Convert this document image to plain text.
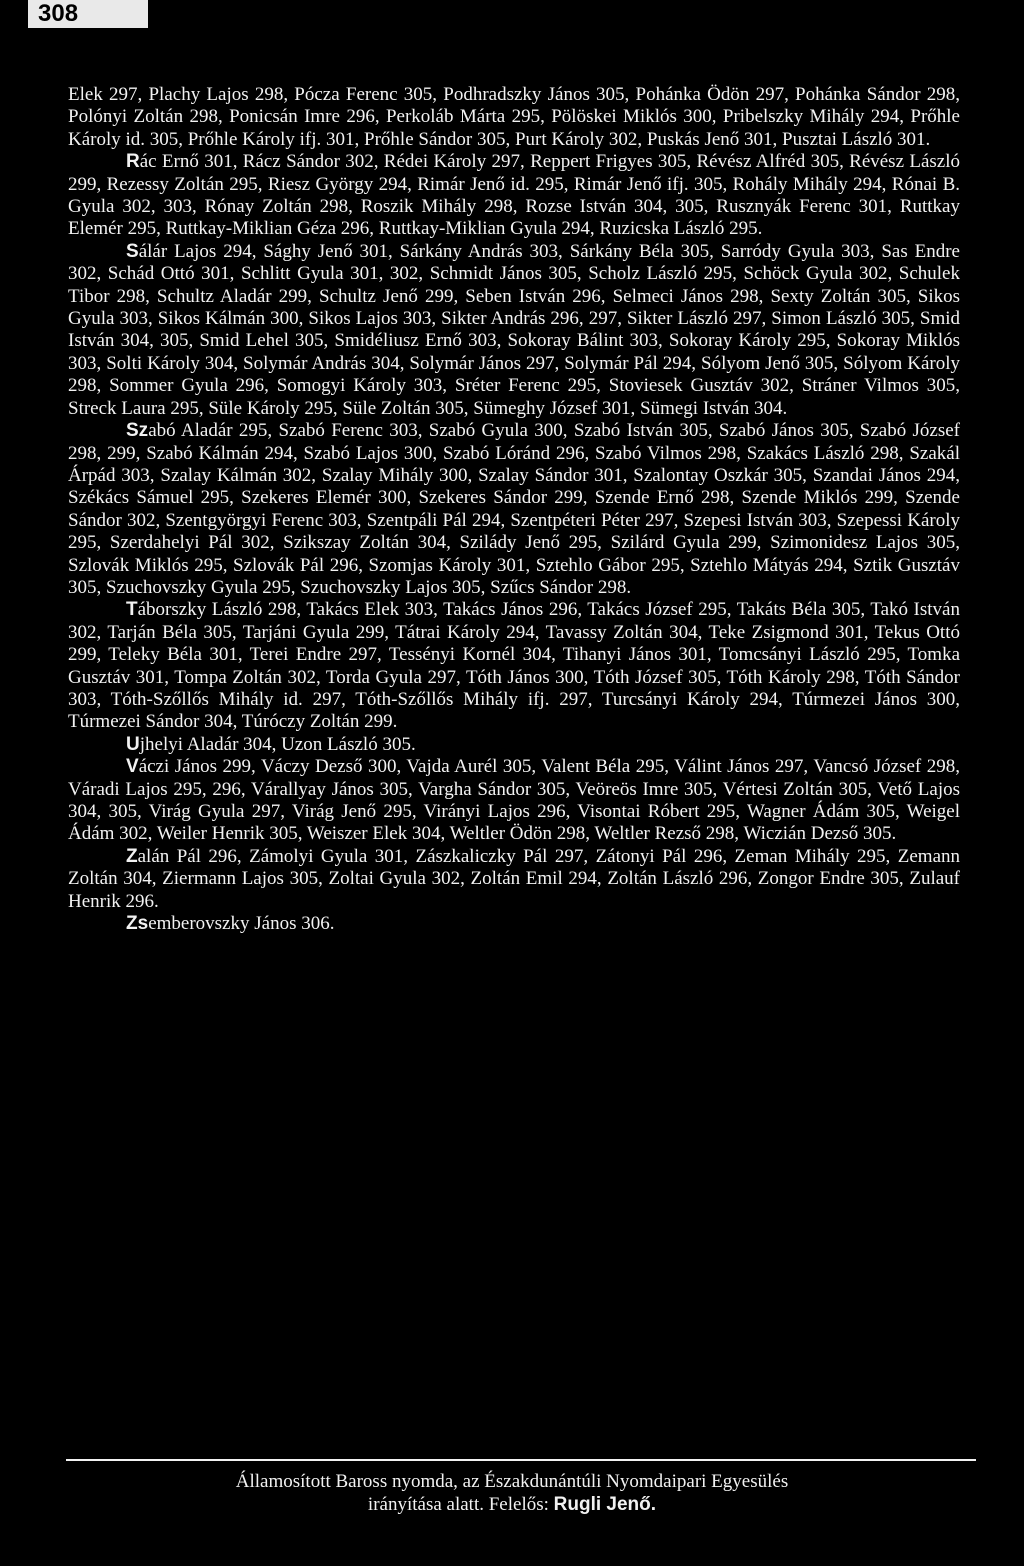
308

Elek 297, Plachy Lajos 298, Pócza Ferenc 305, Podhradszky János 305, Pohánka Ödön 297, Pohánka Sándor 298, Polónyi Zoltán 298, Ponicsán Imre 296, Perkoláb Márta 295, Pölöskei Miklós 300, Pribelszky Mihály 294, Prőhle Károly id. 305, Prőhle Károly ifj. 301, Prőhle Sándor 305, Purt Károly 302, Puskás Jenő 301, Pusztai László 301.

Rác Ernő 301, Rácz Sándor 302, Rédei Károly 297, Reppert Frigyes 305, Révész Alfréd 305, Révész László 299, Rezessy Zoltán 295, Riesz György 294, Rimár Jenő id. 295, Rimár Jenő ifj. 305, Rohály Mihály 294, Rónai B. Gyula 302, 303, Rónay Zoltán 298, Roszik Mihály 298, Rozse István 304, 305, Rusznyák Ferenc 301, Ruttkay Elemér 295, Ruttkay-Miklian Géza 296, Ruttkay-Miklian Gyula 294, Ruzicska László 295.

Sálár Lajos 294, Sághy Jenő 301, Sárkány András 303, Sárkány Béla 305, Sarródy Gyula 303, Sas Endre 302, Schád Ottó 301, Schlitt Gyula 301, 302, Schmidt János 305, Scholz László 295, Schöck Gyula 302, Schulek Tibor 298, Schultz Aladár 299, Schultz Jenő 299, Seben István 296, Selmeci János 298, Sexty Zoltán 305, Sikos Gyula 303, Sikos Kálmán 300, Sikos Lajos 303, Sikter András 296, 297, Sikter László 297, Simon László 305, Smid István 304, 305, Smid Lehel 305, Smidéliusz Ernő 303, Sokoray Bálint 303, Sokoray Károly 295, Sokoray Miklós 303, Solti Károly 304, Solymár András 304, Solymár János 297, Solymár Pál 294, Sólyom Jenő 305, Sólyom Károly 298, Sommer Gyula 296, Somogyi Károly 303, Sréter Ferenc 295, Stoviesek Gusztáv 302, Stráner Vilmos 305, Streck Laura 295, Süle Károly 295, Süle Zoltán 305, Sümeghy József 301, Sümegi István 304.

Szabó Aladár 295, Szabó Ferenc 303, Szabó Gyula 300, Szabó István 305, Szabó János 305, Szabó József 298, 299, Szabó Kálmán 294, Szabó Lajos 300, Szabó Lóránd 296, Szabó Vilmos 298, Szakács László 298, Szakál Árpád 303, Szalay Kálmán 302, Szalay Mihály 300, Szalay Sándor 301, Szalontay Oszkár 305, Szandai János 294, Székács Sámuel 295, Szekeres Elemér 300, Szekeres Sándor 299, Szende Ernő 298, Szende Miklós 299, Szende Sándor 302, Szentgyörgyi Ferenc 303, Szentpáli Pál 294, Szentpéteri Péter 297, Szepesi István 303, Szepessi Károly 295, Szerdahelyi Pál 302, Szikszay Zoltán 304, Szilády Jenő 295, Szilárd Gyula 299, Szimonidesz Lajos 305, Szlovák Miklós 295, Szlovák Pál 296, Szomjas Károly 301, Sztehlo Gábor 295, Sztehlo Mátyás 294, Sztik Gusztáv 305, Szuchovszky Gyula 295, Szuchovszky Lajos 305, Szűcs Sándor 298.

Táborszky László 298, Takács Elek 303, Takács János 296, Takács József 295, Takáts Béla 305, Takó István 302, Tarján Béla 305, Tarjáni Gyula 299, Tátrai Károly 294, Tavassy Zoltán 304, Teke Zsigmond 301, Tekus Ottó 299, Teleky Béla 301, Terei Endre 297, Tessényi Kornél 304, Tihanyi János 301, Tomcsányi László 295, Tomka Gusztáv 301, Tompa Zoltán 302, Torda Gyula 297, Tóth János 300, Tóth József 305, Tóth Károly 298, Tóth Sándor 303, Tóth-Szőllős Mihály id. 297, Tóth-Szőllős Mihály ifj. 297, Turcsányi Károly 294, Túrmezei János 300, Túrmezei Sándor 304, Túróczy Zoltán 299.

Ujhelyi Aladár 304, Uzon László 305.

Váczi János 299, Váczy Dezső 300, Vajda Aurél 305, Valent Béla 295, Válint János 297, Vancsó József 298, Váradi Lajos 295, 296, Várallyay János 305, Vargha Sándor 305, Veöreös Imre 305, Vértesi Zoltán 305, Vető Lajos 304, 305, Virág Gyula 297, Virág Jenő 295, Virányi Lajos 296, Visontai Róbert 295, Wagner Ádám 305, Weigel Ádám 302, Weiler Henrik 305, Weiszer Elek 304, Weltler Ödön 298, Weltler Rezső 298, Wiczián Dezső 305.

Zalán Pál 296, Zámolyi Gyula 301, Zászkaliczky Pál 297, Zátonyi Pál 296, Zeman Mihály 295, Zemann Zoltán 304, Ziermann Lajos 305, Zoltai Gyula 302, Zoltán Emil 294, Zoltán László 296, Zongor Endre 305, Zulauf Henrik 296.

Zsemberovszky János 306.

Államosított Baross nyomda, az Északdunántúli Nyomdaipari Egyesülés
irányítása alatt. Felelős: Rugli Jenő.
